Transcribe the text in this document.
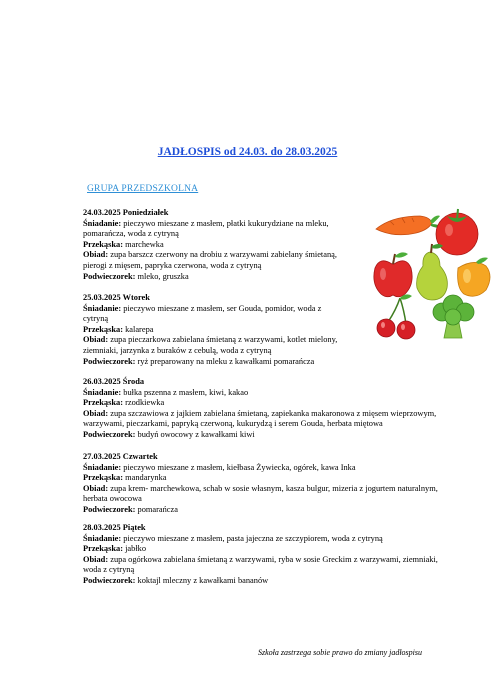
JADŁOSPIS od 24.03. do 28.03.2025
GRUPA PRZEDSZKOLNA
24.03.2025 Poniedziałek
Śniadanie: pieczywo mieszane z masłem, płatki kukurydziane na mleku,
pomarańcza, woda z cytryną
Przekąska: marchewka
Obiad: zupa barszcz czerwony na drobiu z warzywami zabielany śmietaną,
pierogi z mięsem, papryka czerwona, woda z cytryną
Podwieczorek: mleko, gruszka
25.03.2025 Wtorek
Śniadanie: pieczywo mieszane z masłem, ser Gouda, pomidor, woda z
cytryną
Przekąska: kalarepa
Obiad: zupa pieczarkowa zabielana śmietaną z warzywami, kotlet mielony,
ziemniaki, jarzynka z buraków z cebulą, woda z cytryną
Podwieczorek: ryż preparowany na mleku z kawałkami pomarańcza
26.03.2025 Środa
Śniadanie: bułka pszenna z masłem, kiwi, kakao
Przekąska: rzodkiewka
Obiad: zupa szczawiowa z jajkiem zabielana śmietaną, zapiekanka makaronowa z mięsem wieprzowym,
warzywami, pieczarkami, papryką czerwoną, kukurydzą i serem Gouda, herbata miętowa
Podwieczorek: budyń owocowy z kawałkami kiwi
27.03.2025 Czwartek
Śniadanie: pieczywo mieszane z masłem, kiełbasa Żywiecka, ogórek, kawa Inka
Przekąska: mandarynka
Obiad: zupa krem- marchewkowa, schab w sosie własnym, kasza bulgur, mizeria z jogurtem naturalnym,
herbata owocowa
Podwieczorek: pomarańcza
28.03.2025 Piątek
Śniadanie: pieczywo mieszane z masłem, pasta jajeczna ze szczypiorem, woda z cytryną
Przekąska: jabłko
Obiad: zupa ogórkowa zabielana śmietaną z warzywami, ryba w sosie Greckim z warzywami, ziemniaki,
woda z cytryną
Podwieczorek: koktajl mleczny z kawałkami bananów
Szkoła zastrzega sobie prawo do zmiany jadłospisu
